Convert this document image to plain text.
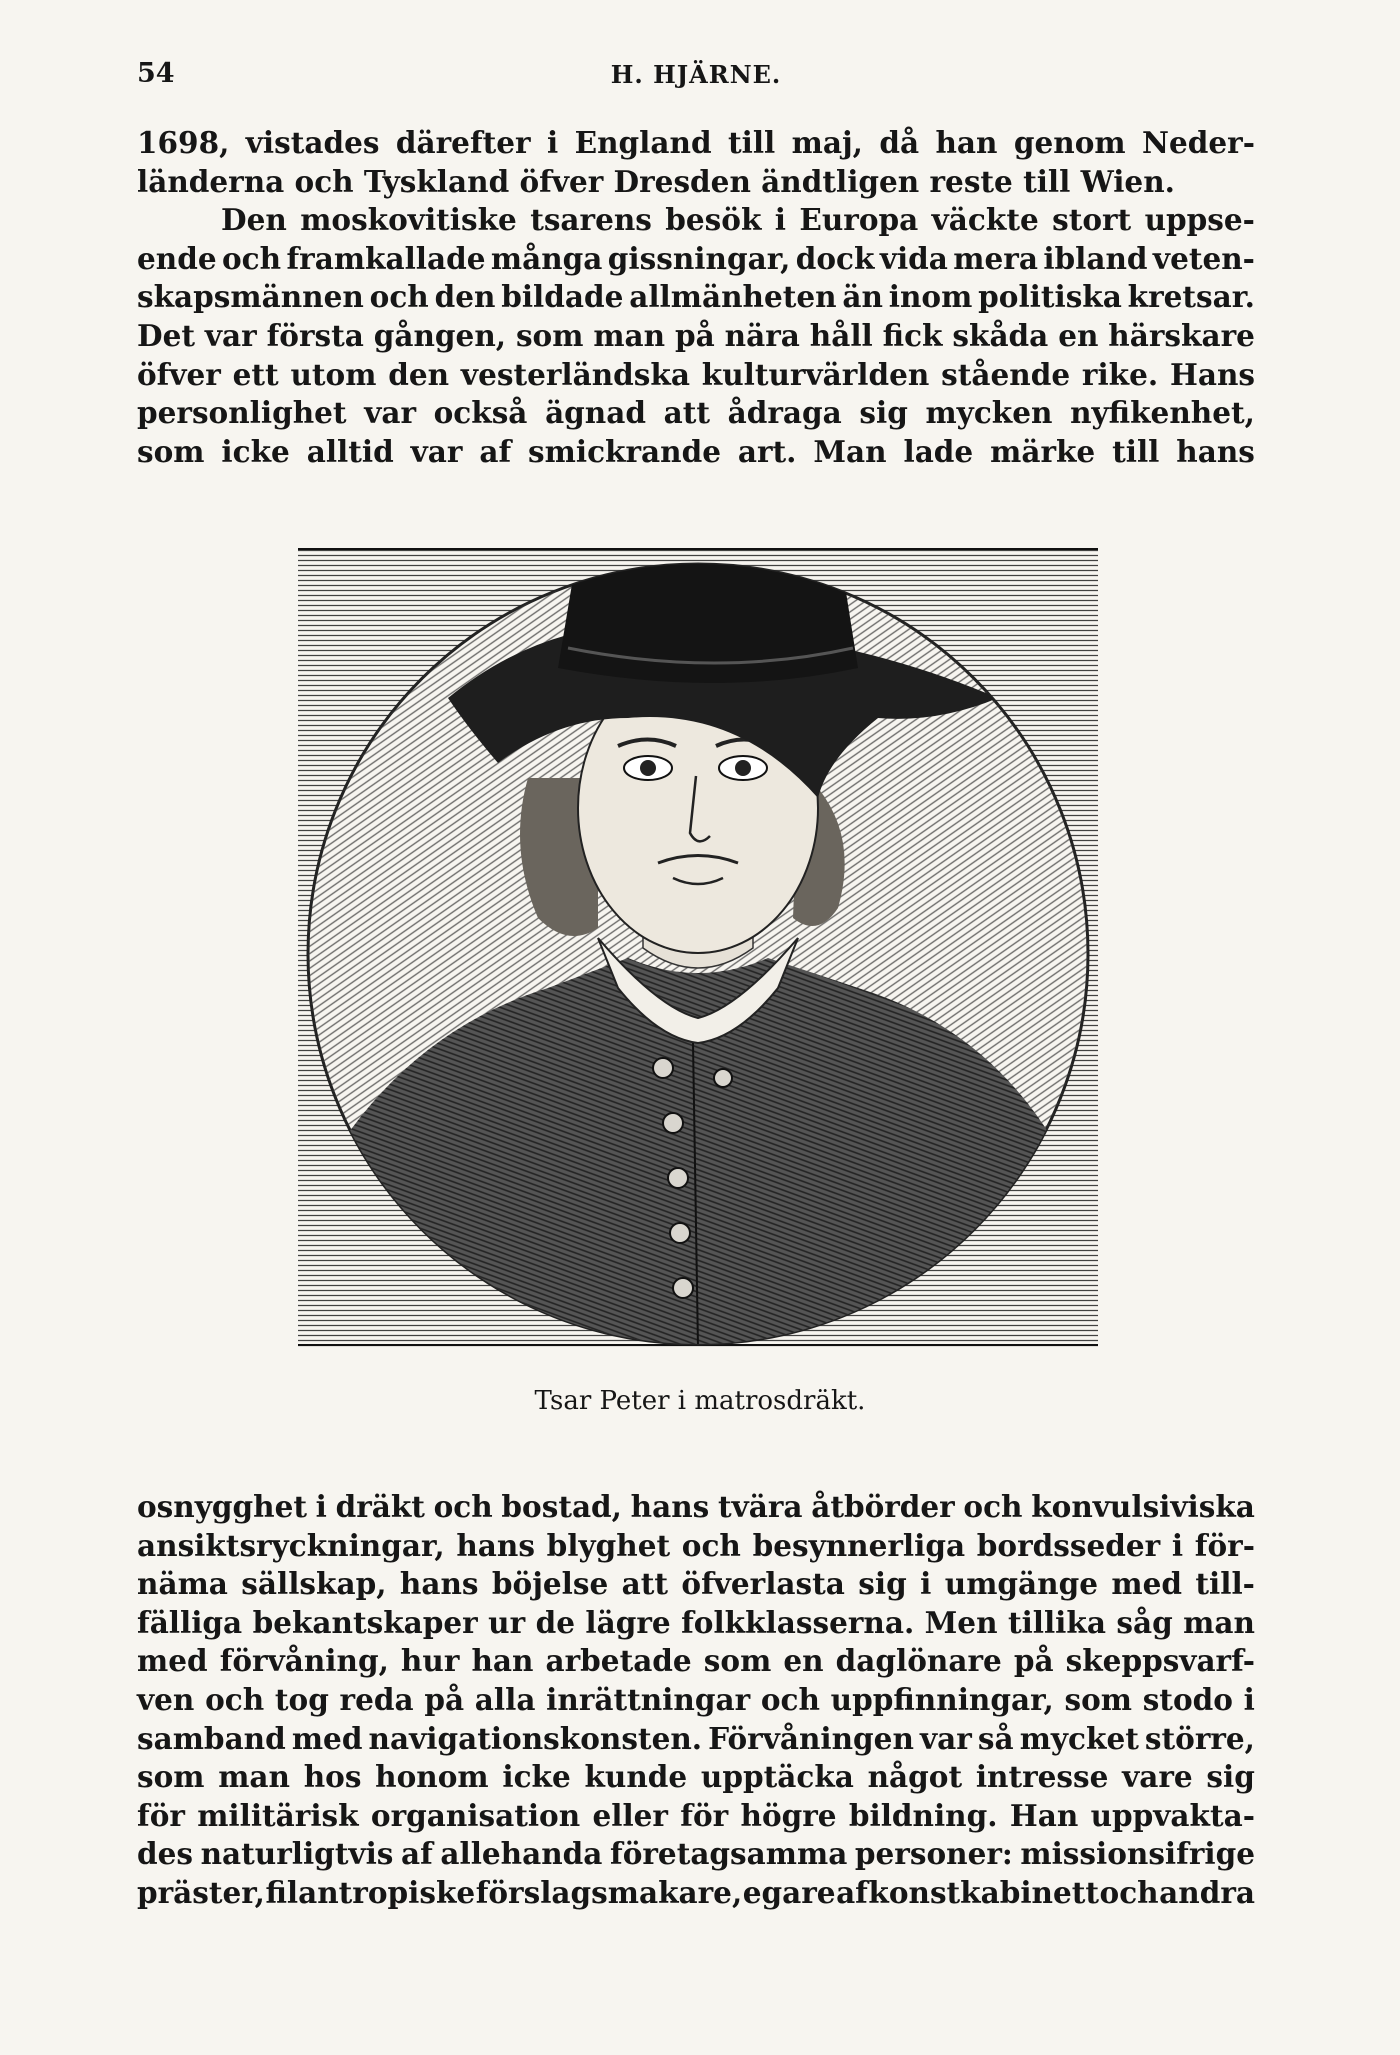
54	H. HJÄRNE.
1698, vistades därefter i England till maj, då han genom Neder-
länderna och Tyskland öfver Dresden ändtligen reste till Wien.
Den moskovitiske tsarens besök i Europa väckte stort uppse-
ende och framkallade många gissningar, dock vida mera ibland veten-
skapsmännen och den bildade allmänheten än inom politiska kretsar.
Det var första gången, som man på nära håll fick skåda en härskare
öfver ett utom den vesterländska kulturvärlden stående rike. Hans
personlighet var också ägnad att ådraga sig mycken nyfikenhet,
som icke alltid var af smickrande art. Man lade märke till hans
Tsar Peter i matrosdräkt.
osnygghet i dräkt och bostad, hans tvära åtbörder och konvulsiviska
ansiktsryckningar, hans blyghet och besynnerliga bordsseder i för-
näma sällskap, hans böjelse att öfverlasta sig i umgänge med till-
fälliga bekantskaper ur de lägre folkklasserna. Men tillika såg man
med förvåning, hur han arbetade som en daglönare på skeppsvarf-
ven och tog reda på alla inrättningar och uppfinningar, som stodo i
samband med navigationskonsten. Förvåningen var så mycket större,
som man hos honom icke kunde upptäcka något intresse vare sig
för militärisk organisation eller för högre bildning. Han uppvakta-
des naturligtvis af allehanda företagsamma personer: missionsifrige
präster, filantropiske förslagsmakare, egare af konstkabinett och andra
